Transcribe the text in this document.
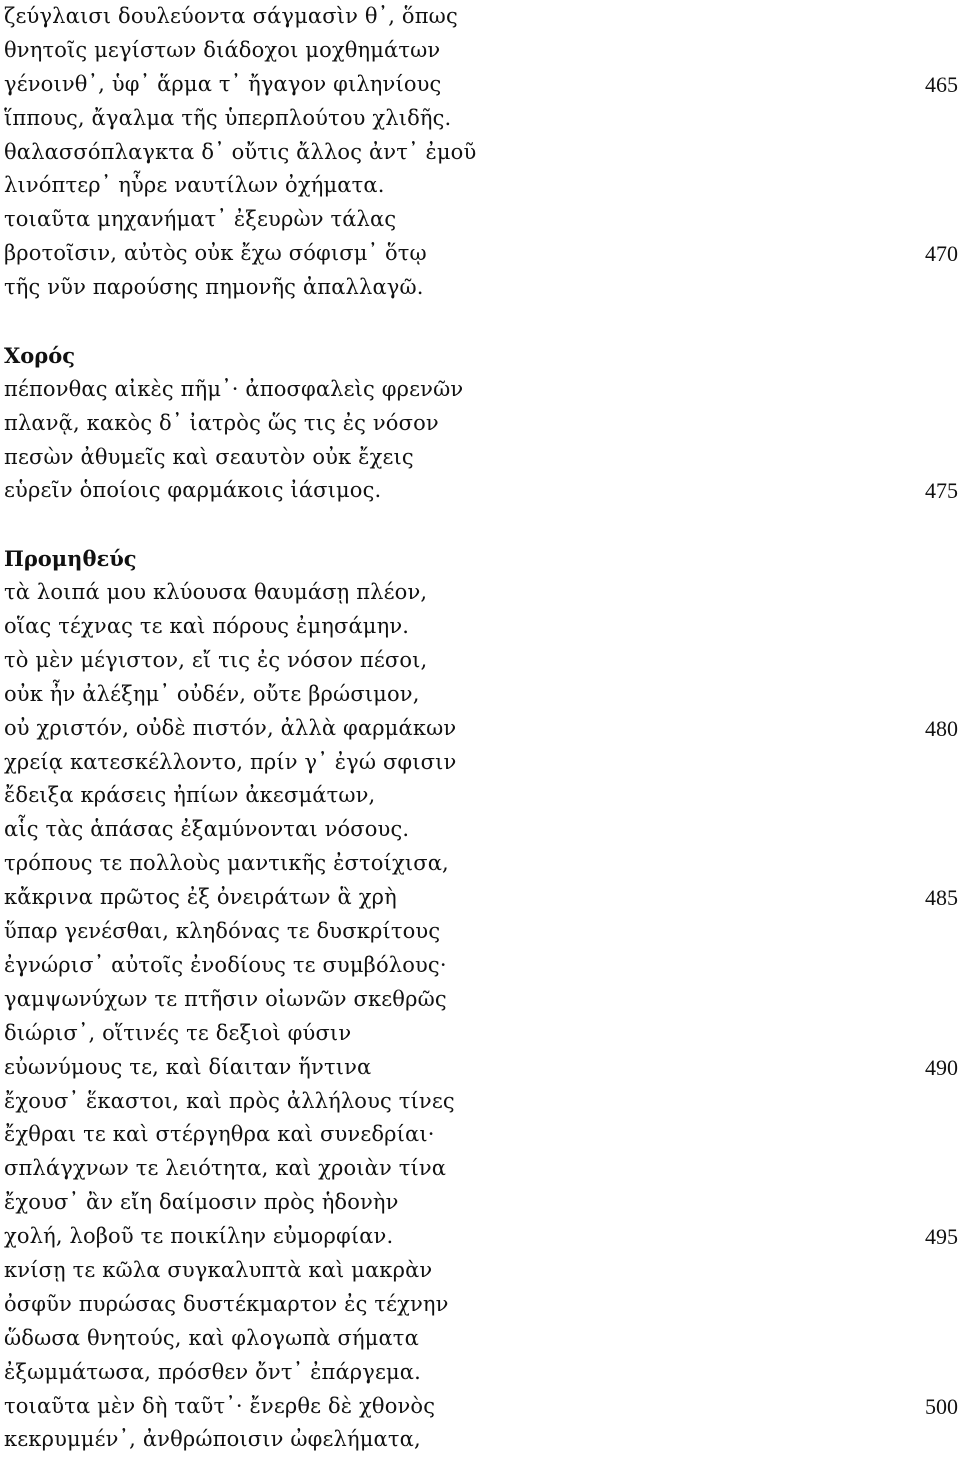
ζεύγλαισι δουλεύοντα σάγμασὶν θ᾽, ὅπως
θνητοῖς μεγίστων διάδοχοι μοχθημάτων
γένοινθ᾽, ὑφ᾽ ἅρμα τ᾽ ἤγαγον φιληνίους	465
ἵππους, ἄγαλμα τῆς ὑπερπλούτου χλιδῆς.
θαλασσόπλαγκτα δ᾽ οὔτις ἄλλος ἀντ᾽ ἐμοῦ
λινόπτερ᾽ ηὗρε ναυτίλων ὀχήματα.
τοιαῦτα μηχανήματ᾽ ἐξευρὼν τάλας
βροτοῖσιν, αὐτὸς οὐκ ἔχω σόφισμ᾽ ὅτῳ	470
τῆς νῦν παρούσης πημονῆς ἀπαλλαγῶ.
Χορός
πέπονθας αἰκὲς πῆμ᾽· ἀποσφαλεὶς φρενῶν
πλανᾷ, κακὸς δ᾽ ἰατρὸς ὥς τις ἐς νόσον
πεσὼν ἀθυμεῖς καὶ σεαυτὸν οὐκ ἔχεις
εὑρεῖν ὁποίοις φαρμάκοις ἰάσιμος.	475
Προμηθεύς
τὰ λοιπά μου κλύουσα θαυμάσῃ πλέον,
οἵας τέχνας τε καὶ πόρους ἐμησάμην.
τὸ μὲν μέγιστον, εἴ τις ἐς νόσον πέσοι,
οὐκ ἦν ἀλέξημ᾽ οὐδέν, οὔτε βρώσιμον,
οὐ χριστόν, οὐδὲ πιστόν, ἀλλὰ φαρμάκων	480
χρείᾳ κατεσκέλλοντο, πρίν γ᾽ ἐγώ σφισιν
ἔδειξα κράσεις ἠπίων ἀκεσμάτων,
αἷς τὰς ἁπάσας ἐξαμύνονται νόσους.
τρόπους τε πολλοὺς μαντικῆς ἐστοίχισα,
κἄκρινα πρῶτος ἐξ ὀνειράτων ἃ χρὴ	485
ὕπαρ γενέσθαι, κληδόνας τε δυσκρίτους
ἐγνώρισ᾽ αὐτοῖς ἐνοδίους τε συμβόλους·
γαμψωνύχων τε πτῆσιν οἰωνῶν σκεθρῶς
διώρισ᾽, οἵτινές τε δεξιοὶ φύσιν
εὐωνύμους τε, καὶ δίαιταν ἥντινα	490
ἔχουσ᾽ ἕκαστοι, καὶ πρὸς ἀλλήλους τίνες
ἔχθραι τε καὶ στέργηθρα καὶ συνεδρίαι·
σπλάγχνων τε λειότητα, καὶ χροιὰν τίνα
ἔχουσ᾽ ἂν εἴη δαίμοσιν πρὸς ἡδονὴν
χολή, λοβοῦ τε ποικίλην εὐμορφίαν.	495
κνίσῃ τε κῶλα συγκαλυπτὰ καὶ μακρὰν
ὀσφῦν πυρώσας δυστέκμαρτον ἐς τέχνην
ὥδωσα θνητούς, καὶ φλογωπὰ σήματα
ἐξωμμάτωσα, πρόσθεν ὄντ᾽ ἐπάργεμα.
τοιαῦτα μὲν δὴ ταῦτ᾽· ἔνερθε δὲ χθονὸς	500
κεκρυμμέν᾽, ἀνθρώποισιν ὠφελήματα,
